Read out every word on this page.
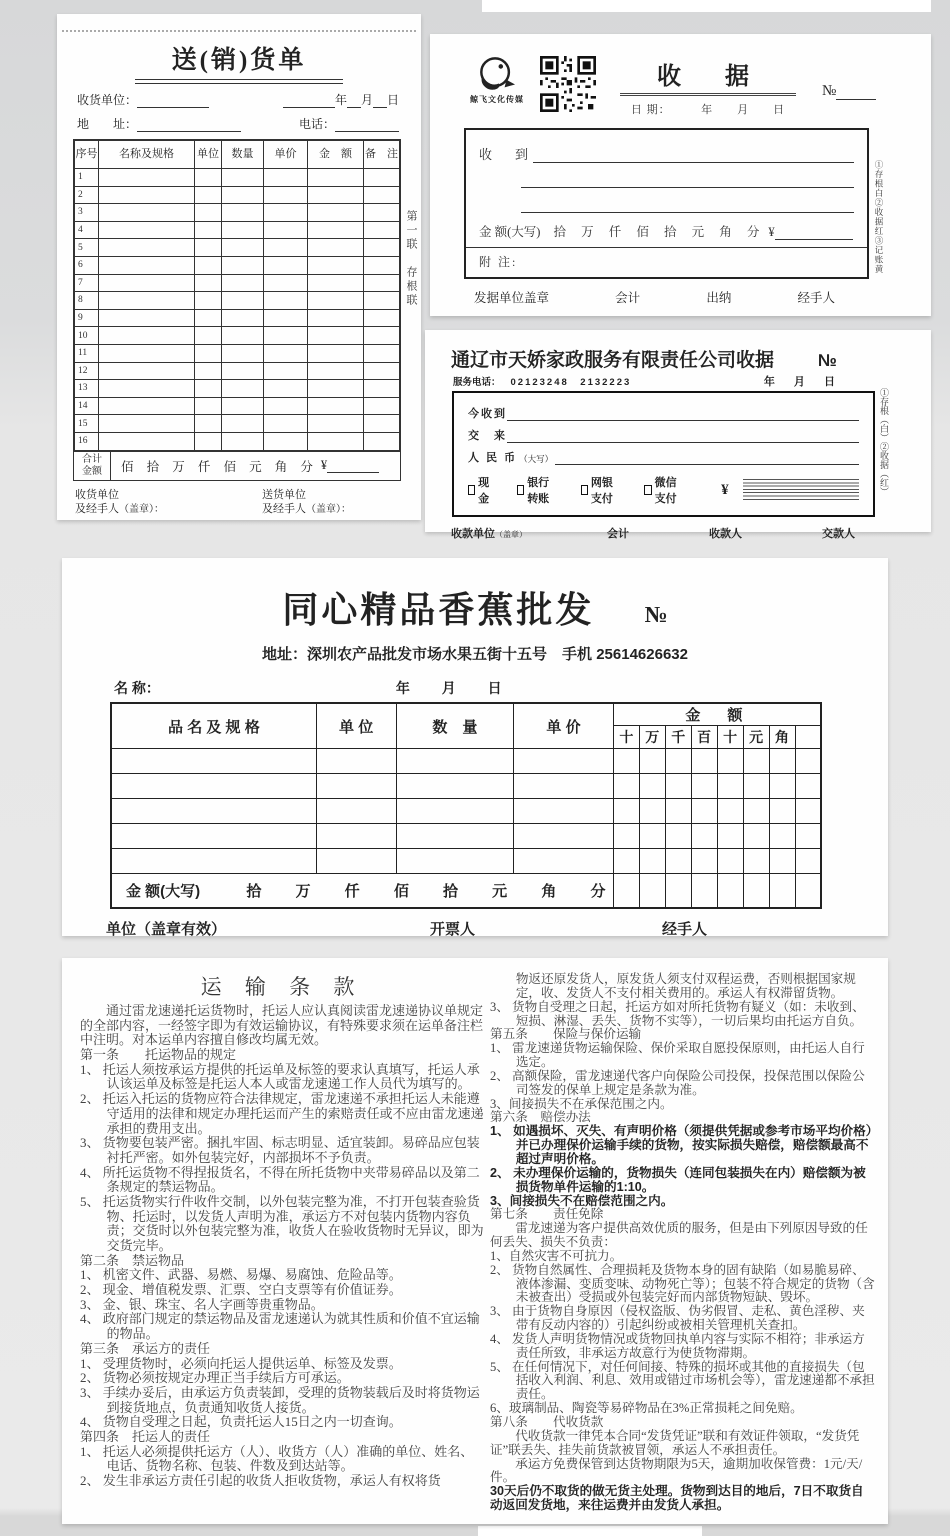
送(销)货单
收货单位：	年 月 日
地　　址：	电话：
序号	名称及规格	单位	数量	单价	金　额	备　注
1						
2						
3						
4						
5						
6						
7						
8						
9						
10						
11						
12						
13						
14						
15						
16						
合计
金额	佰 拾 万 仟 佰 元 角 分 ¥
收货单位
及经手人（盖章）：
送货单位
及经手人（盖章）：
第一联存根联
鲸飞文化传媒
收　据
日 期：　　　年　　月　　日
№
收　到
金 额(大写) 拾 万 仟 佰 拾 元 角 分 ¥
附 注:
发据单位盖章	会计	出纳	经手人
①存根白②收据红③记账黄
通辽市天娇家政服务有限责任公司收据	№
服务电话： 02123248　2132223	年 月 日
今收到
交　来
人 民 币 （大写）
现金
银行转账
网银支付
微信支付
¥
收款单位（盖章）	会计	收款人	交款人
①存根（白）②收据（红）
同心精品香蕉批发 №
地址：深圳农产品批发市场水果五街十五号　手机 25614626632
名 称：	年 月 日
品 名 及 规 格	单 位	数　量	单 价	金　额							
				十	万	千	百	十	元	角	

金 额(大写) 拾 万 仟 佰 拾 元 角 分											
单位（盖章有效）	开票人	经手人
运 输 条 款
通过雷龙速递托运货物时，托运人应认真阅读雷龙速递协议单规定的全部内容，一经签字即为有效运输协议，有特殊要求须在运单备注栏中注明。对本运单内容擅自修改均属无效。
第一条　　托运物品的规定
1、 托运人须按承运方提供的托运单及标签的要求认真填写，托运人承认该运单及标签是托运人本人或雷龙速递工作人员代为填写的。
2、 托运入托运的货物应符合法律规定，雷龙速递不承担托运人未能遵守适用的法律和规定办理托运而产生的索赔责任或不应由雷龙速递承担的费用支出。
3、 货物要包装严密。捆扎牢固、标志明显、适宜装卸。易碎品应包装衬托严密。如外包装完好，内部损坏不予负责。
4、 所托运货物不得捏报货名，不得在所托货物中夹带易碎品以及第二条规定的禁运物品。
5、 托运货物实行件收件交制，以外包装完整为准，不打开包装查验货物、托运时，以发货人声明为准，承运方不对包装内货物内容负责；交货时以外包装完整为准，收货人在验收货物时无异议，即为交货完毕。
第二条　禁运物品
1、 机密文件、武器、易燃、易爆、易腐蚀、危险品等。
2、 现金、增值税发票、汇票、空白支票等有价值证券。
3、 金、银、珠宝、名人字画等贵重物品。
4、 政府部门规定的禁运物品及雷龙速递认为就其性质和价值不宜运输的物品。
第三条　承运方的责任
1、 受理货物时，必须向托运人提供运单、标签及发票。
2、 货物必须按规定办理正当手续后方可承运。
3、 手续办妥后，由承运方负责装卸，受理的货物装载后及时将货物运到接货地点，负责通知收货人接货。
4、 货物自受理之日起，负责托运人15日之内一切查询。
第四条　托运人的责任
1、 托运人必须提供托运方（人）、收货方（人）准确的单位、姓名、电话、货物名称、包装、件数及到达站等。
2、 发生非承运方责任引起的收货人拒收货物，承运人有权将货
物返还原发货人，原发货人须支付双程运费，否则根据国家规定，收、发货人不支付相关费用的。承运人有权滞留货物。
3、 货物自受理之日起，托运方如对所托货物有疑义（如：未收到、短损、淋湿、丢失、货物不实等），一切后果均由托运方自负。
第五条　　保险与保价运输
1、 雷龙速递货物运输保险、保价采取自愿投保原则，由托运人自行选定。
2、 高额保险，雷龙速递代客户向保险公司投保，投保范围以保险公司签发的保单上规定是条款为准。
3、间接损失不在承保范围之内。
第六条　赔偿办法
1、 如遇损坏、灭失、有声明价格（须提供凭据或参考市场平均价格）并已办理保价运输手续的货物，按实际损失赔偿，赔偿额最高不超过声明价格。
2、 未办理保价运输的，货物损失（连同包装损失在内）赔偿额为被损货物单件运输的1:10。
3、间接损失不在赔偿范围之内。
第七条　　责任免除
雷龙速递为客户提供高效优质的服务，但是由下列原因导致的任何丢失、损失不负责：
1、自然灾害不可抗力。
2、 货物自然属性、合理损耗及货物本身的固有缺陷（如易脆易碎、液体渗漏、变质变味、动物死亡等）；包装不符合规定的货物（含未被查出）受损或外包装完好而内部货物短缺、毁坏。
3、 由于货物自身原因（侵权盗版、伪劣假冒、走私、黄色淫秽、夹带有反动内容的）引起纠纷或被相关管理机关查扣。
4、 发货人声明货物情况或货物回执单内容与实际不相符；非承运方责任所致，非承运方故意行为使货物滞期。
5、 在任何情况下，对任何间接、特殊的损坏或其他的直接损失（包括收入利润、利息、效用或错过市场机会等），雷龙速递都不承担责任。
6、玻璃制品、陶瓷等易碎物品在3%正常损耗之间免赔。
第八条　　代收货款
代收货款一律凭本合同“发货凭证”联和有效证件领取，“发货凭证”联丢失、挂失前货款被冒领，承运人不承担责任。
承运方免费保管到达货物期限为5天，逾期加收保管费：1元/天/件。
30天后仍不取货的做无货主处理。货物到达目的地后，7日不取货自动返回发货地，来往运费并由发货人承担。
